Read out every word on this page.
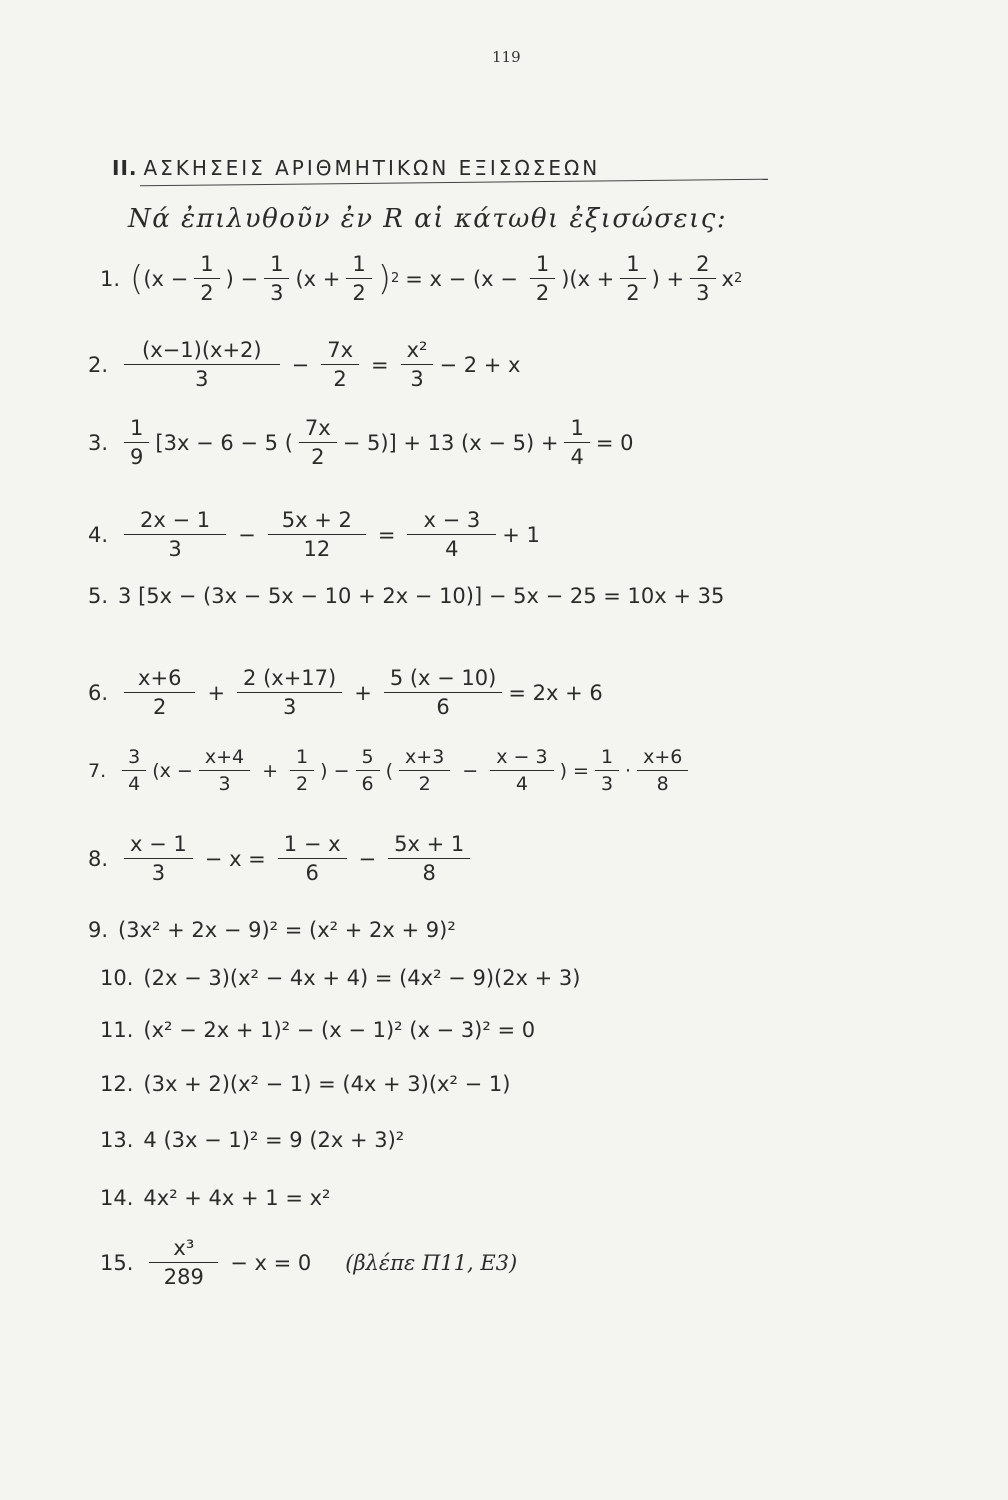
119
II. ΑΣΚΗΣΕΙΣ ΑΡΙΘΜΗΤΙΚΩΝ ΕΞΙΣΩΣΕΩΝ
Νά ἐπιλυθοῦν ἐν R αἱ κάτωθι ἐξισώσεις:
1. ( ($x - \frac{1}{2}$ ) − $\frac{1}{3} (x + \frac{1}{2}$ ) $2 = x - (x - \frac{1}{2} )(x + \frac{1}{2}$ ) + $\frac{2}{3}$ x 2
2. $\frac{(x-1)(x+2)}{3} - \frac{7x}{2} = \frac{\text{x²}}{3} - 2 + x$
3. $\frac{1}{9} [3x - 6 - 5$ ( $\frac{7x}{2} - 5)] + 13$ $(x - 5) + \frac{1}{4} = 0$
4. $\frac{2x - 1}{3} - \frac{5x + 2}{12} = \frac{x - 3}{4} + 1$
5. 3 [5x − (3x − 5x − 10 + 2x − 10)] − 5x − 25 = 10x + 35
6. $\frac{x+6}{2} + \frac{2 (x+17)}{3} + \frac{5 (x - 10)}{6} = 2x + 6$
7. $\frac{3}{4} (x - \frac{x+4}{3} + \frac{1}{2}$ ) − $\frac{5}{6}$ ( $\frac{x+3}{2} - \frac{x - 3}{4}$ ) = $\frac{1}{3} \cdot \frac{x+6}{8}$
8. $\frac{x - 1}{3} - x = \frac{1 - x}{6} - \frac{5x + 1}{8}$
9. (3x² + 2x − 9)² = (x² + 2x + 9)²
10. (2x − 3)(x² − 4x + 4) = (4x² − 9)(2x + 3)
11. (x² − 2x + 1)² − (x − 1)² (x − 3)² = 0
12. (3x + 2)(x² − 1) = (4x + 3)(x² − 1)
13. 4 (3x − 1)² = 9 (2x + 3)²
14. 4x² + 4x + 1 = x²
15. $\frac{\text{x³}}{289} - x = 0$ (βλέπε Π11, Ε3)
